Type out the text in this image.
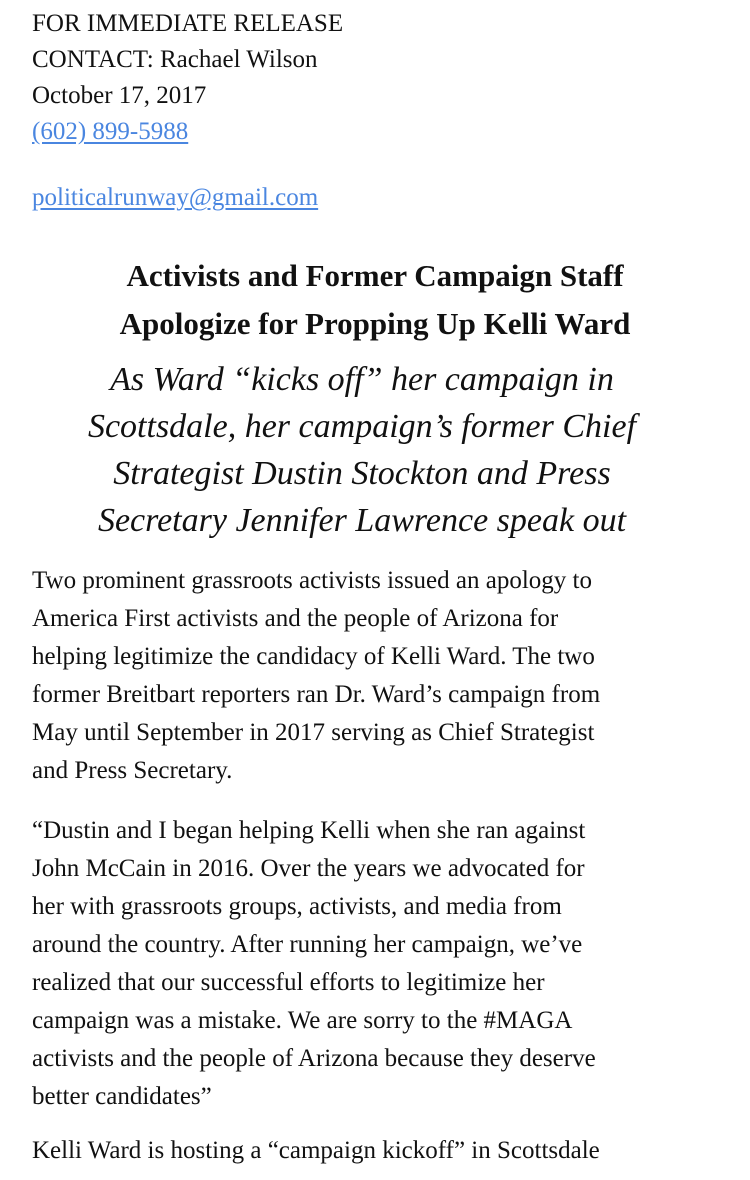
FOR IMMEDIATE RELEASE
CONTACT: Rachael Wilson
October 17, 2017
(602) 899-5988
politicalrunway@gmail.com
Activists and Former Campaign Staff
Apologize for Propping Up Kelli Ward
As Ward “kicks off” her campaign in
Scottsdale, her campaign’s former Chief
Strategist Dustin Stockton and Press
Secretary Jennifer Lawrence speak out
Two prominent grassroots activists issued an apology to
America First activists and the people of Arizona for
helping legitimize the candidacy of Kelli Ward. The two
former Breitbart reporters ran Dr. Ward’s campaign from
May until September in 2017 serving as Chief Strategist
and Press Secretary.
“Dustin and I began helping Kelli when she ran against
John McCain in 2016. Over the years we advocated for
her with grassroots groups, activists, and media from
around the country. After running her campaign, we’ve
realized that our successful efforts to legitimize her
campaign was a mistake. We are sorry to the #MAGA
activists and the people of Arizona because they deserve
better candidates”
Kelli Ward is hosting a “campaign kickoff” in Scottsdale
